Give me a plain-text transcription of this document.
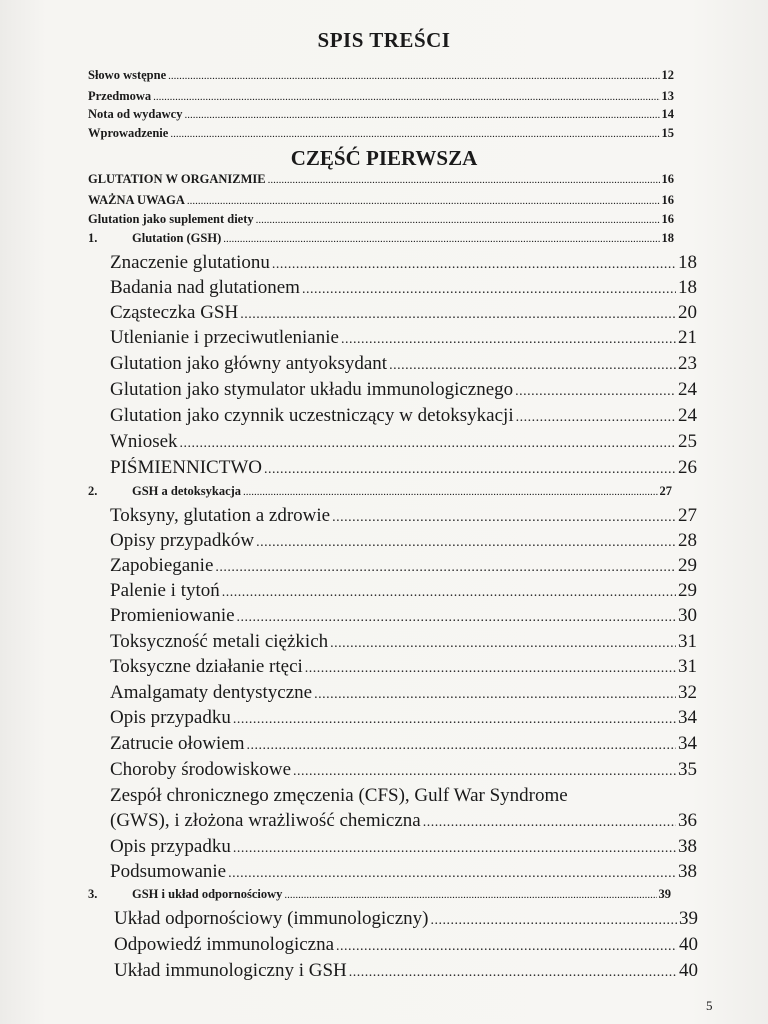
SPIS TREŚCI
Słowo wstępne .....	12
Przedmowa .....	13
Nota od wydawcy .....	14
Wprowadzenie .....	15
CZĘŚĆ PIERWSZA
GLUTATION W ORGANIZMIE .....	16
WAŻNA UWAGA .....	16
Glutation jako suplement diety .....	16
1.	Glutation (GSH) .....	18
Znaczenie glutationu .....	18
Badania nad glutationem .....	18
Cząsteczka GSH .....	20
Utlenianie i przeciwutlenianie .....	21
Glutation jako główny antyoksydant .....	23
Glutation jako stymulator układu immunologicznego .....	24
Glutation jako czynnik uczestniczący w detoksykacji .....	24
Wniosek .....	25
PIŚMIENNICTWO .....	26
2.	GSH a detoksykacja .....	27
Toksyny, glutation a zdrowie .....	27
Opisy przypadków .....	28
Zapobieganie .....	29
Palenie i tytoń .....	29
Promieniowanie .....	30
Toksyczność metali ciężkich .....	31
Toksyczne działanie rtęci .....	31
Amalgamaty dentystyczne .....	32
Opis przypadku .....	34
Zatrucie ołowiem .....	34
Choroby środowiskowe .....	35
Zespół chronicznego zmęczenia (CFS), Gulf War Syndrome
(GWS), i złożona wrażliwość chemiczna .....	36
Opis przypadku .....	38
Podsumowanie .....	38
3.	GSH i układ odpornościowy .....	39
Układ odpornościowy (immunologiczny) .....	39
Odpowiedź immunologiczna .....	40
Układ immunologiczny i GSH .....	40
5
